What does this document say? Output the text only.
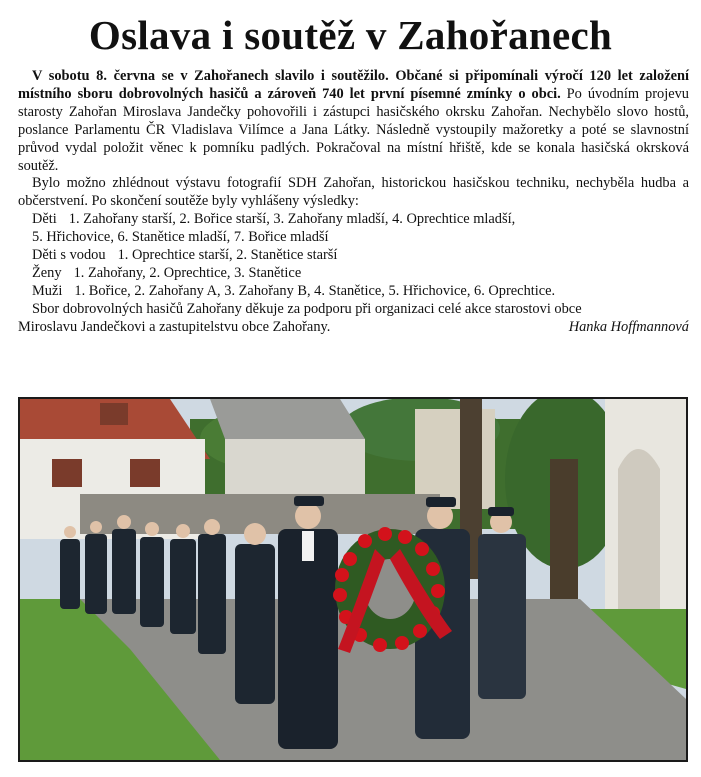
Oslava i soutěž v Zahořanech

V sobotu 8. června se v Zahořanech slavilo i soutěžilo. Občané si připomínali výročí 120 let založení místního sboru dobrovolných hasičů a zároveň 740 let první písemné zmínky o obci. Po úvodním projevu starosty Zahořan Miroslava Jandečky pohovořili i zástupci hasičského okrsku Zahořan. Nechybělo slovo hostů, poslance Parlamentu ČR Vladislava Vilímce a Jana Látky. Následně vystoupily mažoretky a poté se slavnostní průvod vydal položit věnec k pomníku padlých. Pokračoval na místní hřiště, kde se konala hasičská okrsková soutěž.

Bylo možno zhlédnout výstavu fotografií SDH Zahořan, historickou hasičskou techniku, nechyběla hudba a občerstvení. Po skončení soutěže byly vyhlášeny výsledky:

Děti 1. Zahořany starší, 2. Bořice starší, 3. Zahořany mladší, 4. Oprechtice mladší,
5. Hřichovice, 6. Stanětice mladší, 7. Bořice mladší
Děti s vodou 1. Oprechtice starší, 2. Stanětice starší
Ženy 1. Zahořany, 2. Oprechtice, 3. Stanětice
Muži 1. Bořice, 2. Zahořany A, 3. Zahořany B, 4. Stanětice, 5. Hřichovice, 6. Oprechtice.

Sbor dobrovolných hasičů Zahořany děkuje za podporu při organizaci celé akce starostovi obce

Miroslavu Jandečkovi a zastupitelstvu obce Zahořany.	Hanka Hoffmannová
